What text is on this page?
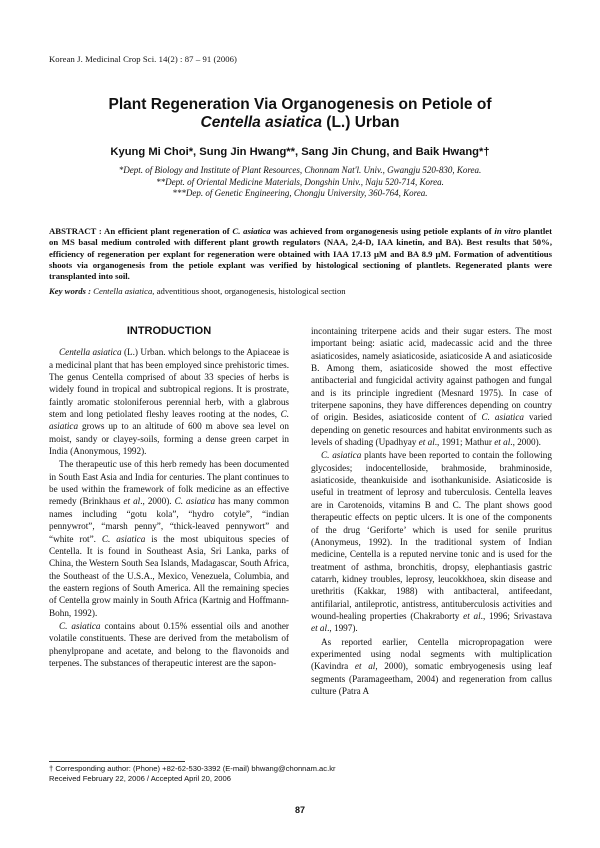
Korean J. Medicinal Crop Sci. 14(2) : 87 – 91 (2006)
Plant Regeneration Via Organogenesis on Petiole of
Centella asiatica (L.) Urban
Kyung Mi Choi*, Sung Jin Hwang**, Sang Jin Chung, and Baik Hwang*†
*Dept. of Biology and Institute of Plant Resources, Chonnam Nat'l. Univ., Gwangju 520-830, Korea.
**Dept. of Oriental Medicine Materials, Dongshin Univ., Naju 520-714, Korea.
***Dep. of Genetic Engineering, Chongju University, 360-764, Korea.
ABSTRACT : An efficient plant regeneration of C. asiatica was achieved from organogenesis using petiole explants of in vitro plantlet on MS basal medium controled with different plant growth regulators (NAA, 2,4-D, IAA kinetin, and BA). Best results that 50%, efficiency of regeneration per explant for regeneration were obtained with IAA 17.13 μM and BA 8.9 μM. Formation of adventitious shoots via organogenesis from the petiole explant was verified by histological sectioning of plantlets. Regenerated plants were transplanted into soil.
Key words : Centella asiatica, adventitious shoot, organogenesis, histological section
INTRODUCTION

Centella asiatica (L.) Urban. which belongs to the Apiaceae is a medicinal plant that has been employed since prehistoric times. The genus Centella comprised of about 33 species of herbs is widely found in tropical and subtropical regions. It is prostrate, faintly aromatic stoloniferous perennial herb, with a glabrous stem and long petiolated fleshy leaves rooting at the nodes, C. asiatica grows up to an altitude of 600 m above sea level on moist, sandy or clayey-soils, forming a dense green carpet in India (Anonymous, 1992).

The therapeutic use of this herb remedy has been documented in South East Asia and India for centuries. The plant continues to be used within the framework of folk medicine as an effective remedy (Brinkhaus et al., 2000). C. asiatica has many common names including “gotu kola”, “hydro cotyle”, “indian pennywrot”, “marsh penny”, “thick-leaved pennywort” and “white rot”. C. asiatica is the most ubiquitous species of Centella. It is found in Southeast Asia, Sri Lanka, parks of China, the Western South Sea Islands, Madagascar, South Africa, the Southeast of the U.S.A., Mexico, Venezuela, Columbia, and the eastern regions of South America. All the remaining species of Centella grow mainly in South Africa (Kartnig and Hoffmann-Bohn, 1992).

C. asiatica contains about 0.15% essential oils and another volatile constituents. These are derived from the metabolism of phenylpropane and acetate, and belong to the flavonoids and terpenes. The substances of therapeutic interest are the sapon-

incontaining triterpene acids and their sugar esters. The most important being: asiatic acid, madecassic acid and the three asiaticosides, namely asiaticoside, asiaticoside A and asiaticoside B. Among them, asiaticoside showed the most effective antibacterial and fungicidal activity against pathogen and fungal and is its principle ingredient (Mesnard 1975). In case of triterpene saponins, they have differences depending on country of origin. Besides, asiaticoside content of C. asiatica varied depending on genetic resources and habitat environments such as levels of shading (Upadhyay et al., 1991; Mathur et al., 2000).

C. asiatica plants have been reported to contain the following glycosides; indocentelloside, brahmoside, brahminoside, asiaticoside, theankuiside and isothankuniside. Asiaticoside is useful in treatment of leprosy and tuberculosis. Centella leaves are in Carotenoids, vitamins B and C. The plant shows good therapeutic effects on peptic ulcers. It is one of the components of the drug ‘Geriforte’ which is used for senile pruritus (Anonymeus, 1992). In the traditional system of Indian medicine, Centella is a reputed nervine tonic and is used for the treatment of asthma, bronchitis, dropsy, elephantiasis gastric catarrh, kidney troubles, leprosy, leucokkhoea, skin disease and urethritis (Kakkar, 1988) with antibacteral, antifeedant, antifilarial, antileprotic, antistress, antituberculosis activities and wound-healing properties (Chakraborty et al., 1996; Srivastava et al., 1997).

As reported earlier, Centella micropropagation were experimented using nodal segments with multiplication (Kavindra et al, 2000), somatic embryogenesis using leaf segments (Paramageetham, 2004) and regeneration from callus culture (Patra A

† Corresponding author: (Phone) +82-62-530-3392 (E-mail) bhwang@chonnam.ac.kr
Received February 22, 2006 / Accepted April 20, 2006
87
